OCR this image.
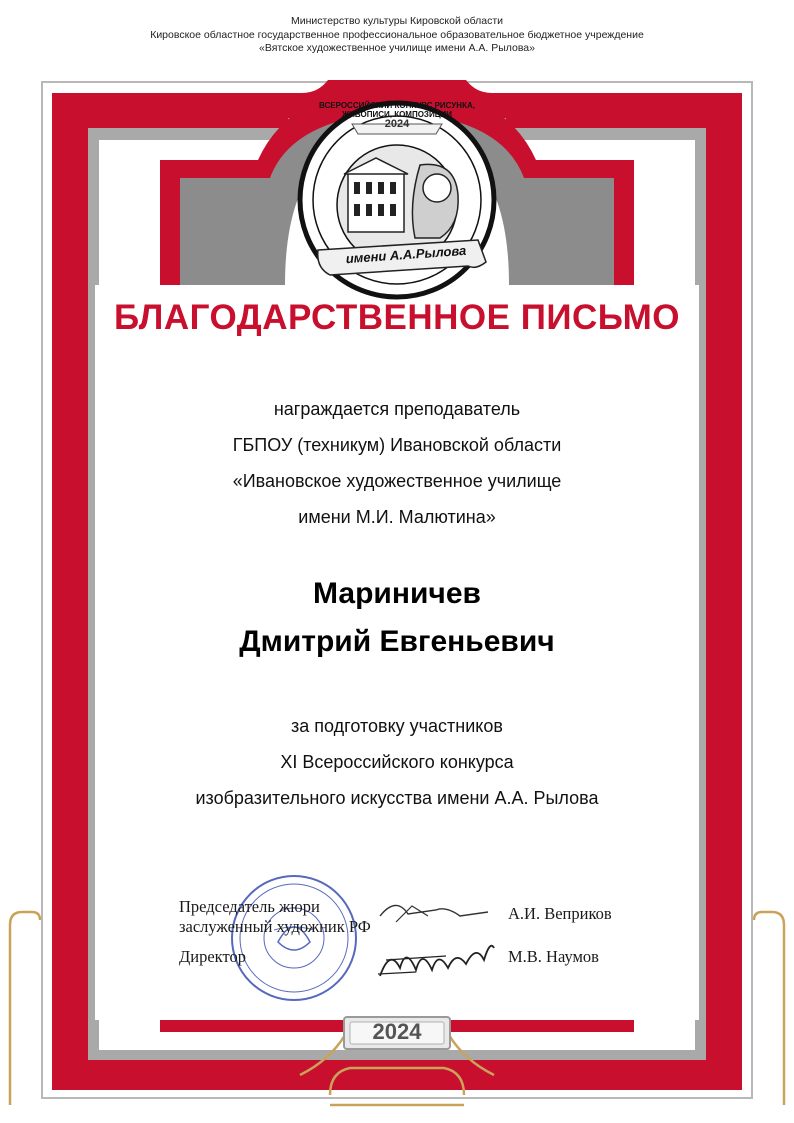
Министерство культуры Кировской области
Кировское областное государственное профессиональное образовательное бюджетное учреждение
«Вятское художественное училище имени А.А. Рылова»
2024
ВСЕРОССИЙСКИЙ КОНКУРС РИСУНКА, ЖИВОПИСИ, КОМПОЗИЦИИ
имени А.А.Рылова
БЛАГОДАРСТВЕННОЕ ПИСЬМО
награждается преподаватель
ГБПОУ (техникум) Ивановской области
«Ивановское художественное училище
имени М.И. Малютина»
Мариничев
Дмитрий Евгеньевич
за подготовку участников
XI Всероссийского конкурса
изобразительного искусства имени А.А. Рылова
Председатель жюри
заслуженный художник РФ
А.И. Веприков
Директор	М.В. Наумов
2024
